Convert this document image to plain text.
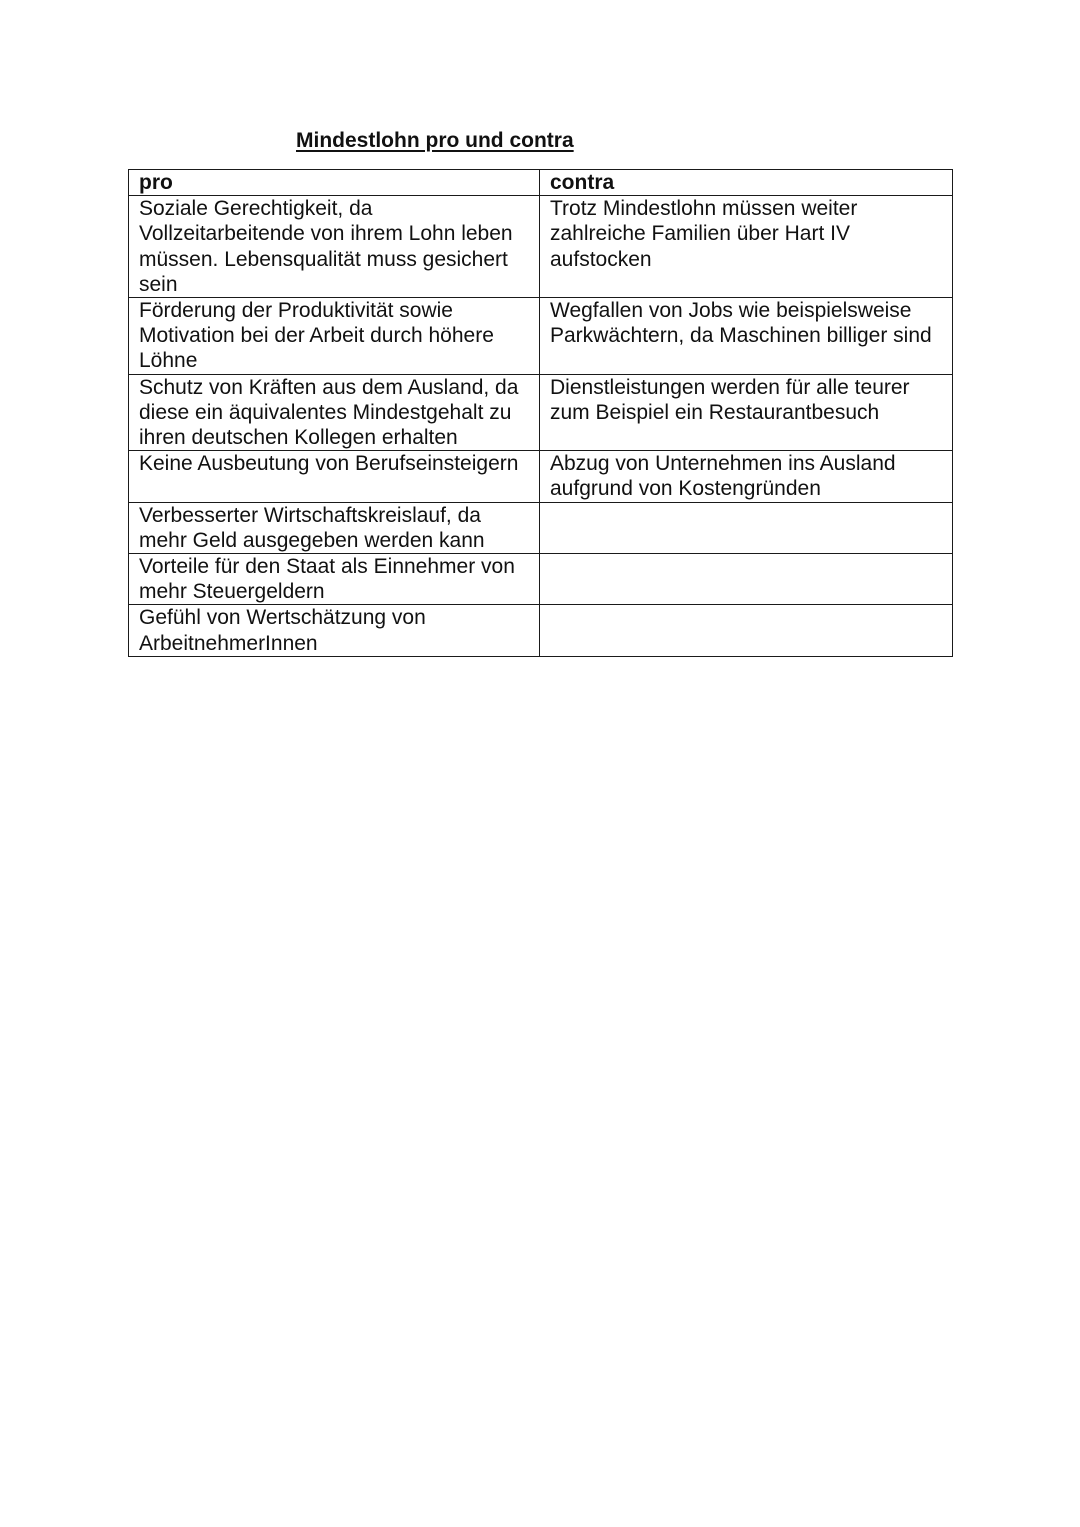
Mindestlohn pro und contra
pro	contra
Soziale Gerechtigkeit, da Vollzeitarbeitende von ihrem Lohn leben müssen. Lebensqualität muss gesichert sein	Trotz Mindestlohn müssen weiter zahlreiche Familien über Hart IV aufstocken
Förderung der Produktivität sowie Motivation bei der Arbeit durch höhere Löhne	Wegfallen von Jobs wie beispielsweise Parkwächtern, da Maschinen billiger sind
Schutz von Kräften aus dem Ausland, da diese ein äquivalentes Mindestgehalt zu ihren deutschen Kollegen erhalten	Dienstleistungen werden für alle teurer zum Beispiel ein Restaurantbesuch
Keine Ausbeutung von Berufseinsteigern	Abzug von Unternehmen ins Ausland aufgrund von Kostengründen
Verbesserter Wirtschaftskreislauf, da mehr Geld ausgegeben werden kann	
Vorteile für den Staat als Einnehmer von mehr Steuergeldern	
Gefühl von Wertschätzung von ArbeitnehmerInnen	
